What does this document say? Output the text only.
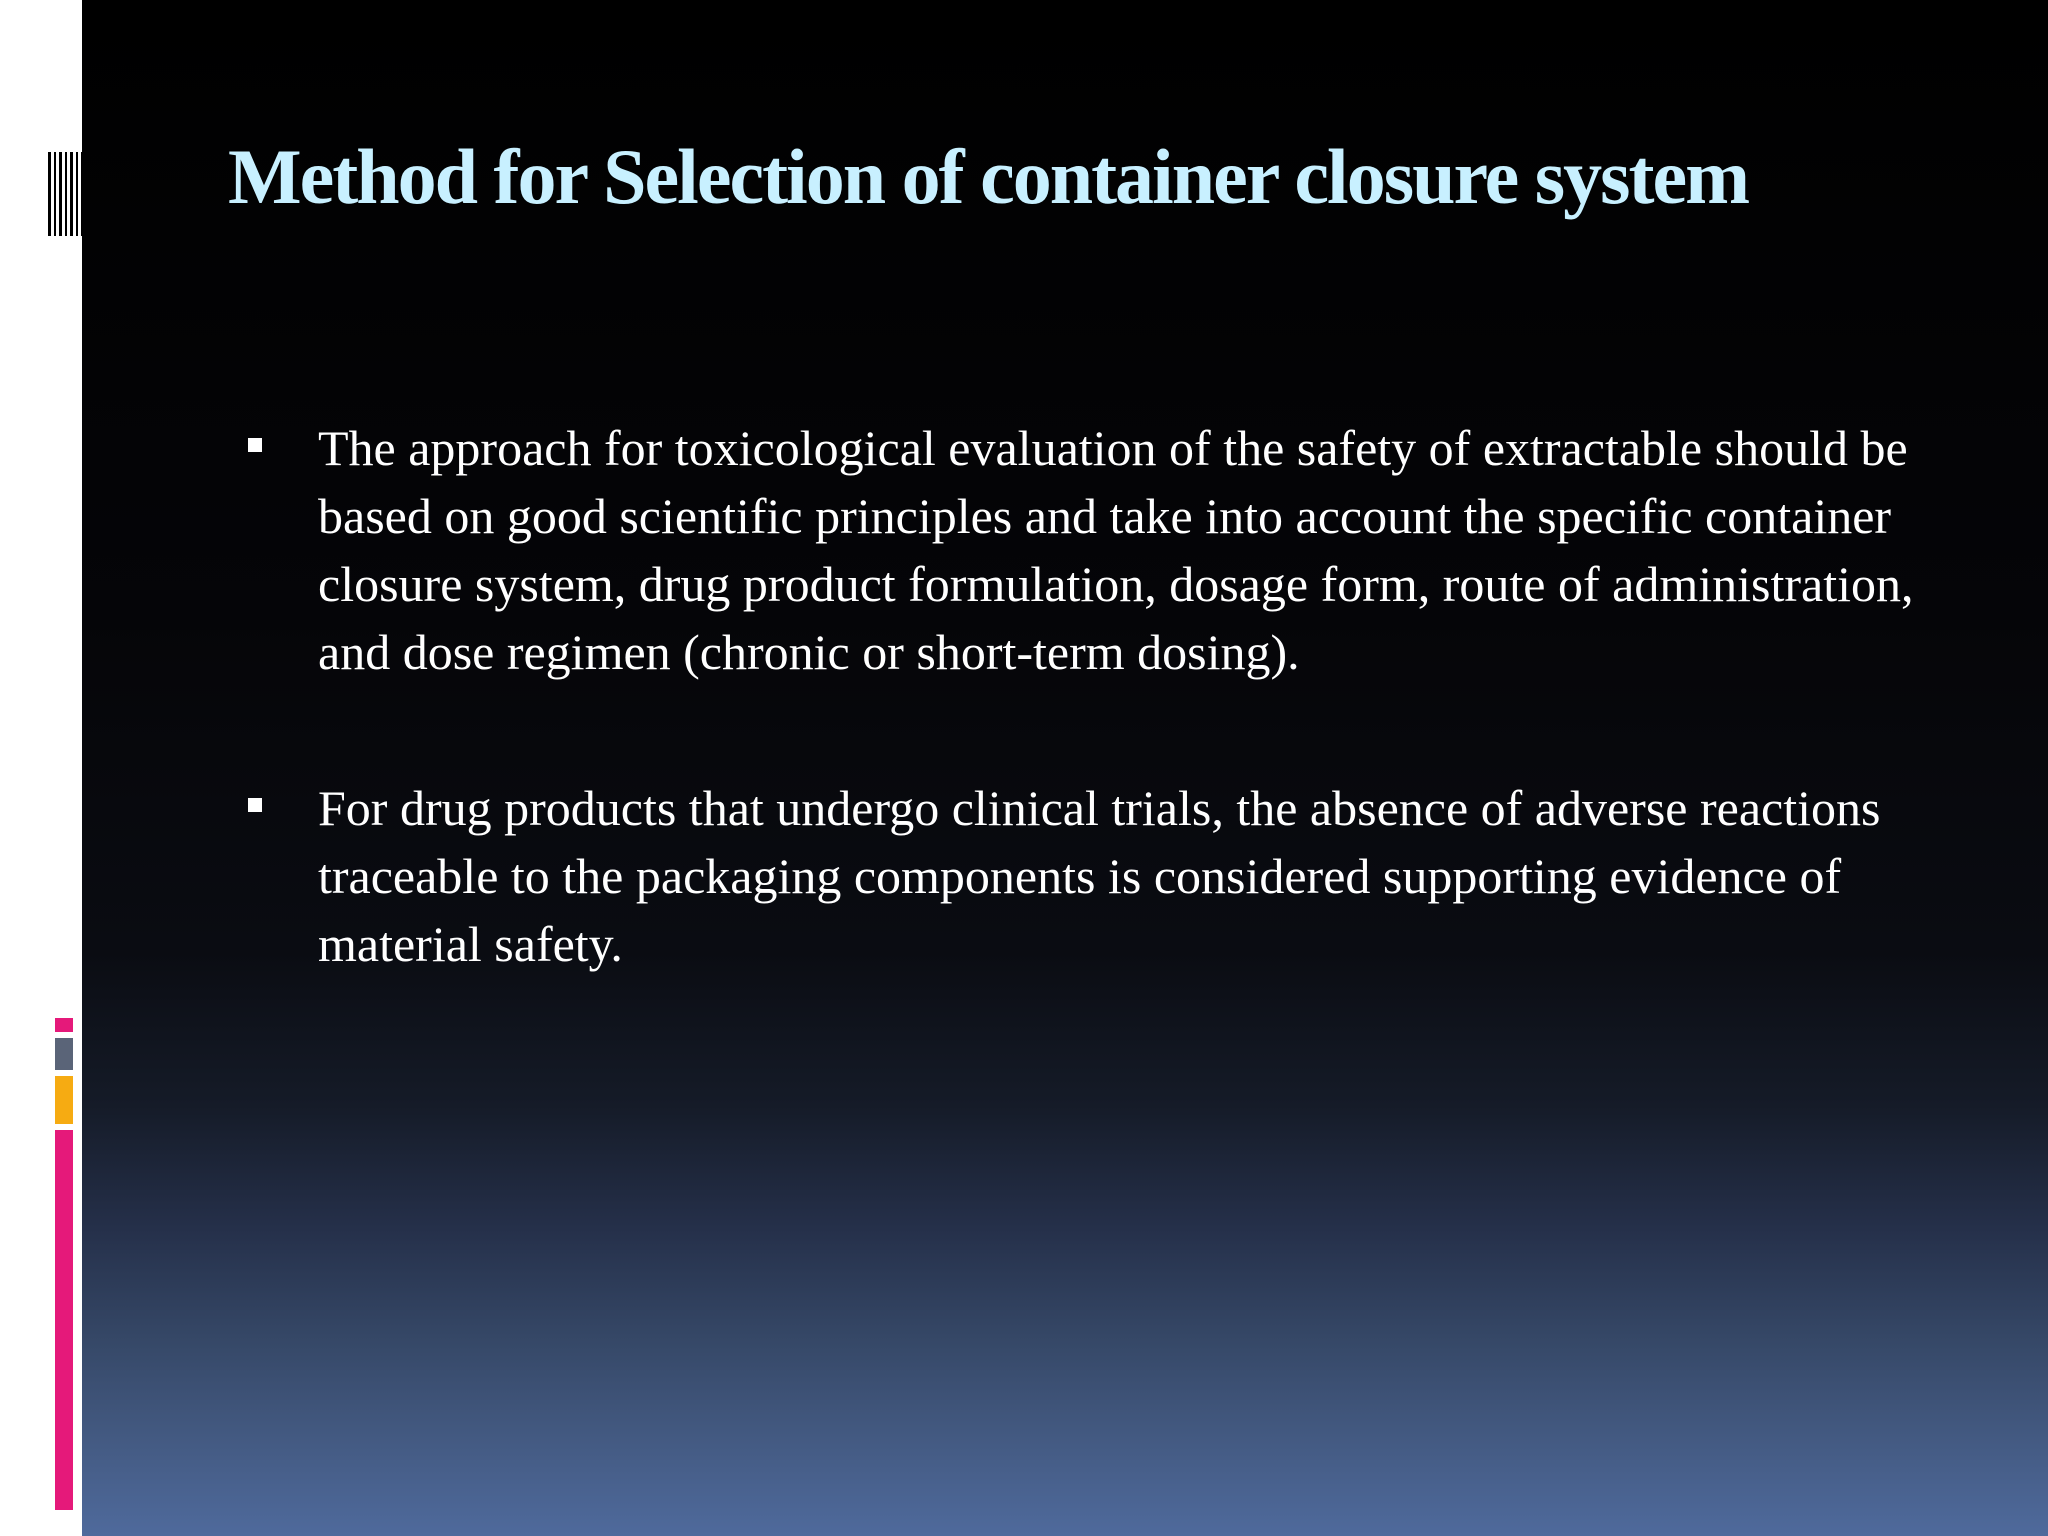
Method for Selection of container closure system
The approach for toxicological evaluation of the safety of extractable should be based on good scientific principles and take into account the specific container closure system, drug product formulation, dosage form, route of administration, and dose regimen (chronic or short-term dosing).
For drug products that undergo clinical trials, the absence of adverse reactions traceable to the packaging components is considered supporting evidence of material safety.
